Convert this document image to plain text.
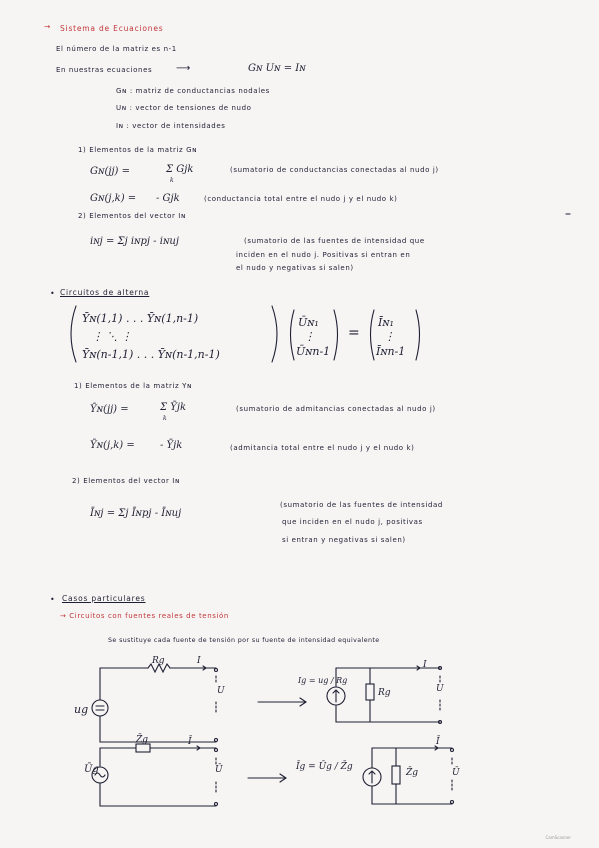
→ Sistema de Ecuaciones
El número de la matriz es n-1
En nuestras ecuaciones ⟶	Gɴ Uɴ = Iɴ
Gɴ : matriz de conductancias nodales
Uɴ : vector de tensiones de nudo
Iɴ : vector de intensidades
1) Elementos de la matriz Gɴ
Gɴ(jj) =	Σ Gjk
k
(sumatorio de conductancias conectadas al nudo j)
Gɴ(j,k) = - Gjk	(conductancia total entre el nudo j y el nudo k)
2) Elementos del vector Iɴ
iɴj = Σj iɴpj - iɴuj	(sumatorio de las fuentes de intensidad que
inciden en el nudo j. Positivas si entran en
el nudo y negativas si salen)
• Circuitos de alterna
Ȳɴ(1,1) . . . Ȳɴ(1,n-1)
⋮ ⋱ ⋮
Ȳɴ(n-1,1) . . . Ȳɴ(n-1,n-1)
Ūɴ₁
⋮
Ūɴn-1
=
Īɴ₁
⋮
Īɴn-1
1) Elementos de la matriz Yɴ
Ȳɴ(jj) =	Σ Ȳjk
k
(sumatorio de admitancias conectadas al nudo j)
Ȳɴ(j,k) =	- Ȳjk	(admitancia total entre el nudo j y el nudo k)
2) Elementos del vector Iɴ
Īɴj = Σj Īɴpj - Īɴuj
(sumatorio de las fuentes de intensidad
que inciden en el nudo j, positivas
si entran y negativas si salen)
• Casos particulares
→ Circuitos con fuentes reales de tensión
Se sustituye cada fuente de tensión por su fuente de intensidad equivalente
Rg	I
U
ug
Ig = ug / Rg
I
U
Rg
Z̄g	Ī
Ū
Ūg	Īg = Ūg / Z̄g
Ī
Ū
Z̄g
CamScanner
